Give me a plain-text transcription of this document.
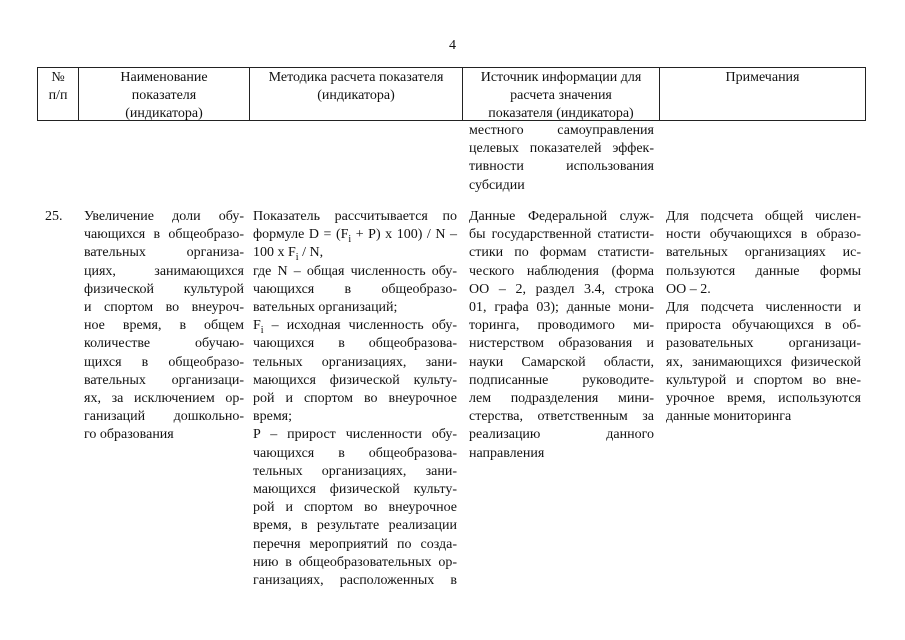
4
№
п/п
Наименование
показателя
(индикатора)
Методика расчета показателя
(индикатора)
Источник информации для
расчета значения
показателя (индикатора)
Примечания
местного самоуправления
целевых показателей эффек-
тивности использования
субсидии
25.	Увеличение доли обу-
чающихся в общеобразо-
вательных организа-
циях, занимающихся
физической культурой
и спортом во внеуроч-
ное время, в общем
количестве обучаю-
щихся в общеобразо-
вательных организаци-
ях, за исключением ор-
ганизаций дошкольно-
го образования
Показатель рассчитывается по
формуле $D = (F_i + P)$ x 100) / N –
100 x $F_i$ / N,
где N – общая численность обу-
чающихся в общеобразо-
вательных организаций;
$F_i$ – исходная численность обу-
чающихся в общеобразова-
тельных организациях, зани-
мающихся физической культу-
рой и спортом во внеурочное
время;
P – прирост численности обу-
чающихся в общеобразова-
тельных организациях, зани-
мающихся физической культу-
рой и спортом во внеурочное
время, в результате реализации
перечня мероприятий по созда-
нию в общеобразовательных ор-
ганизациях, расположенных в
Данные Федеральной служ-
бы государственной статисти-
стики по формам статисти-
ческого наблюдения (форма
ОО – 2, раздел 3.4, строка
01, графа 03); данные мони-
торинга, проводимого ми-
нистерством образования и
науки Самарской области,
подписанные руководите-
лем подразделения мини-
стерства, ответственным за
реализацию данного
направления
Для подсчета общей числен-
ности обучающихся в образо-
вательных организациях ис-
пользуются данные формы
ОО – 2.
Для подсчета численности и
прироста обучающихся в об-
разовательных организаци-
ях, занимающихся физической
культурой и спортом во вне-
урочное время, используются
данные мониторинга
